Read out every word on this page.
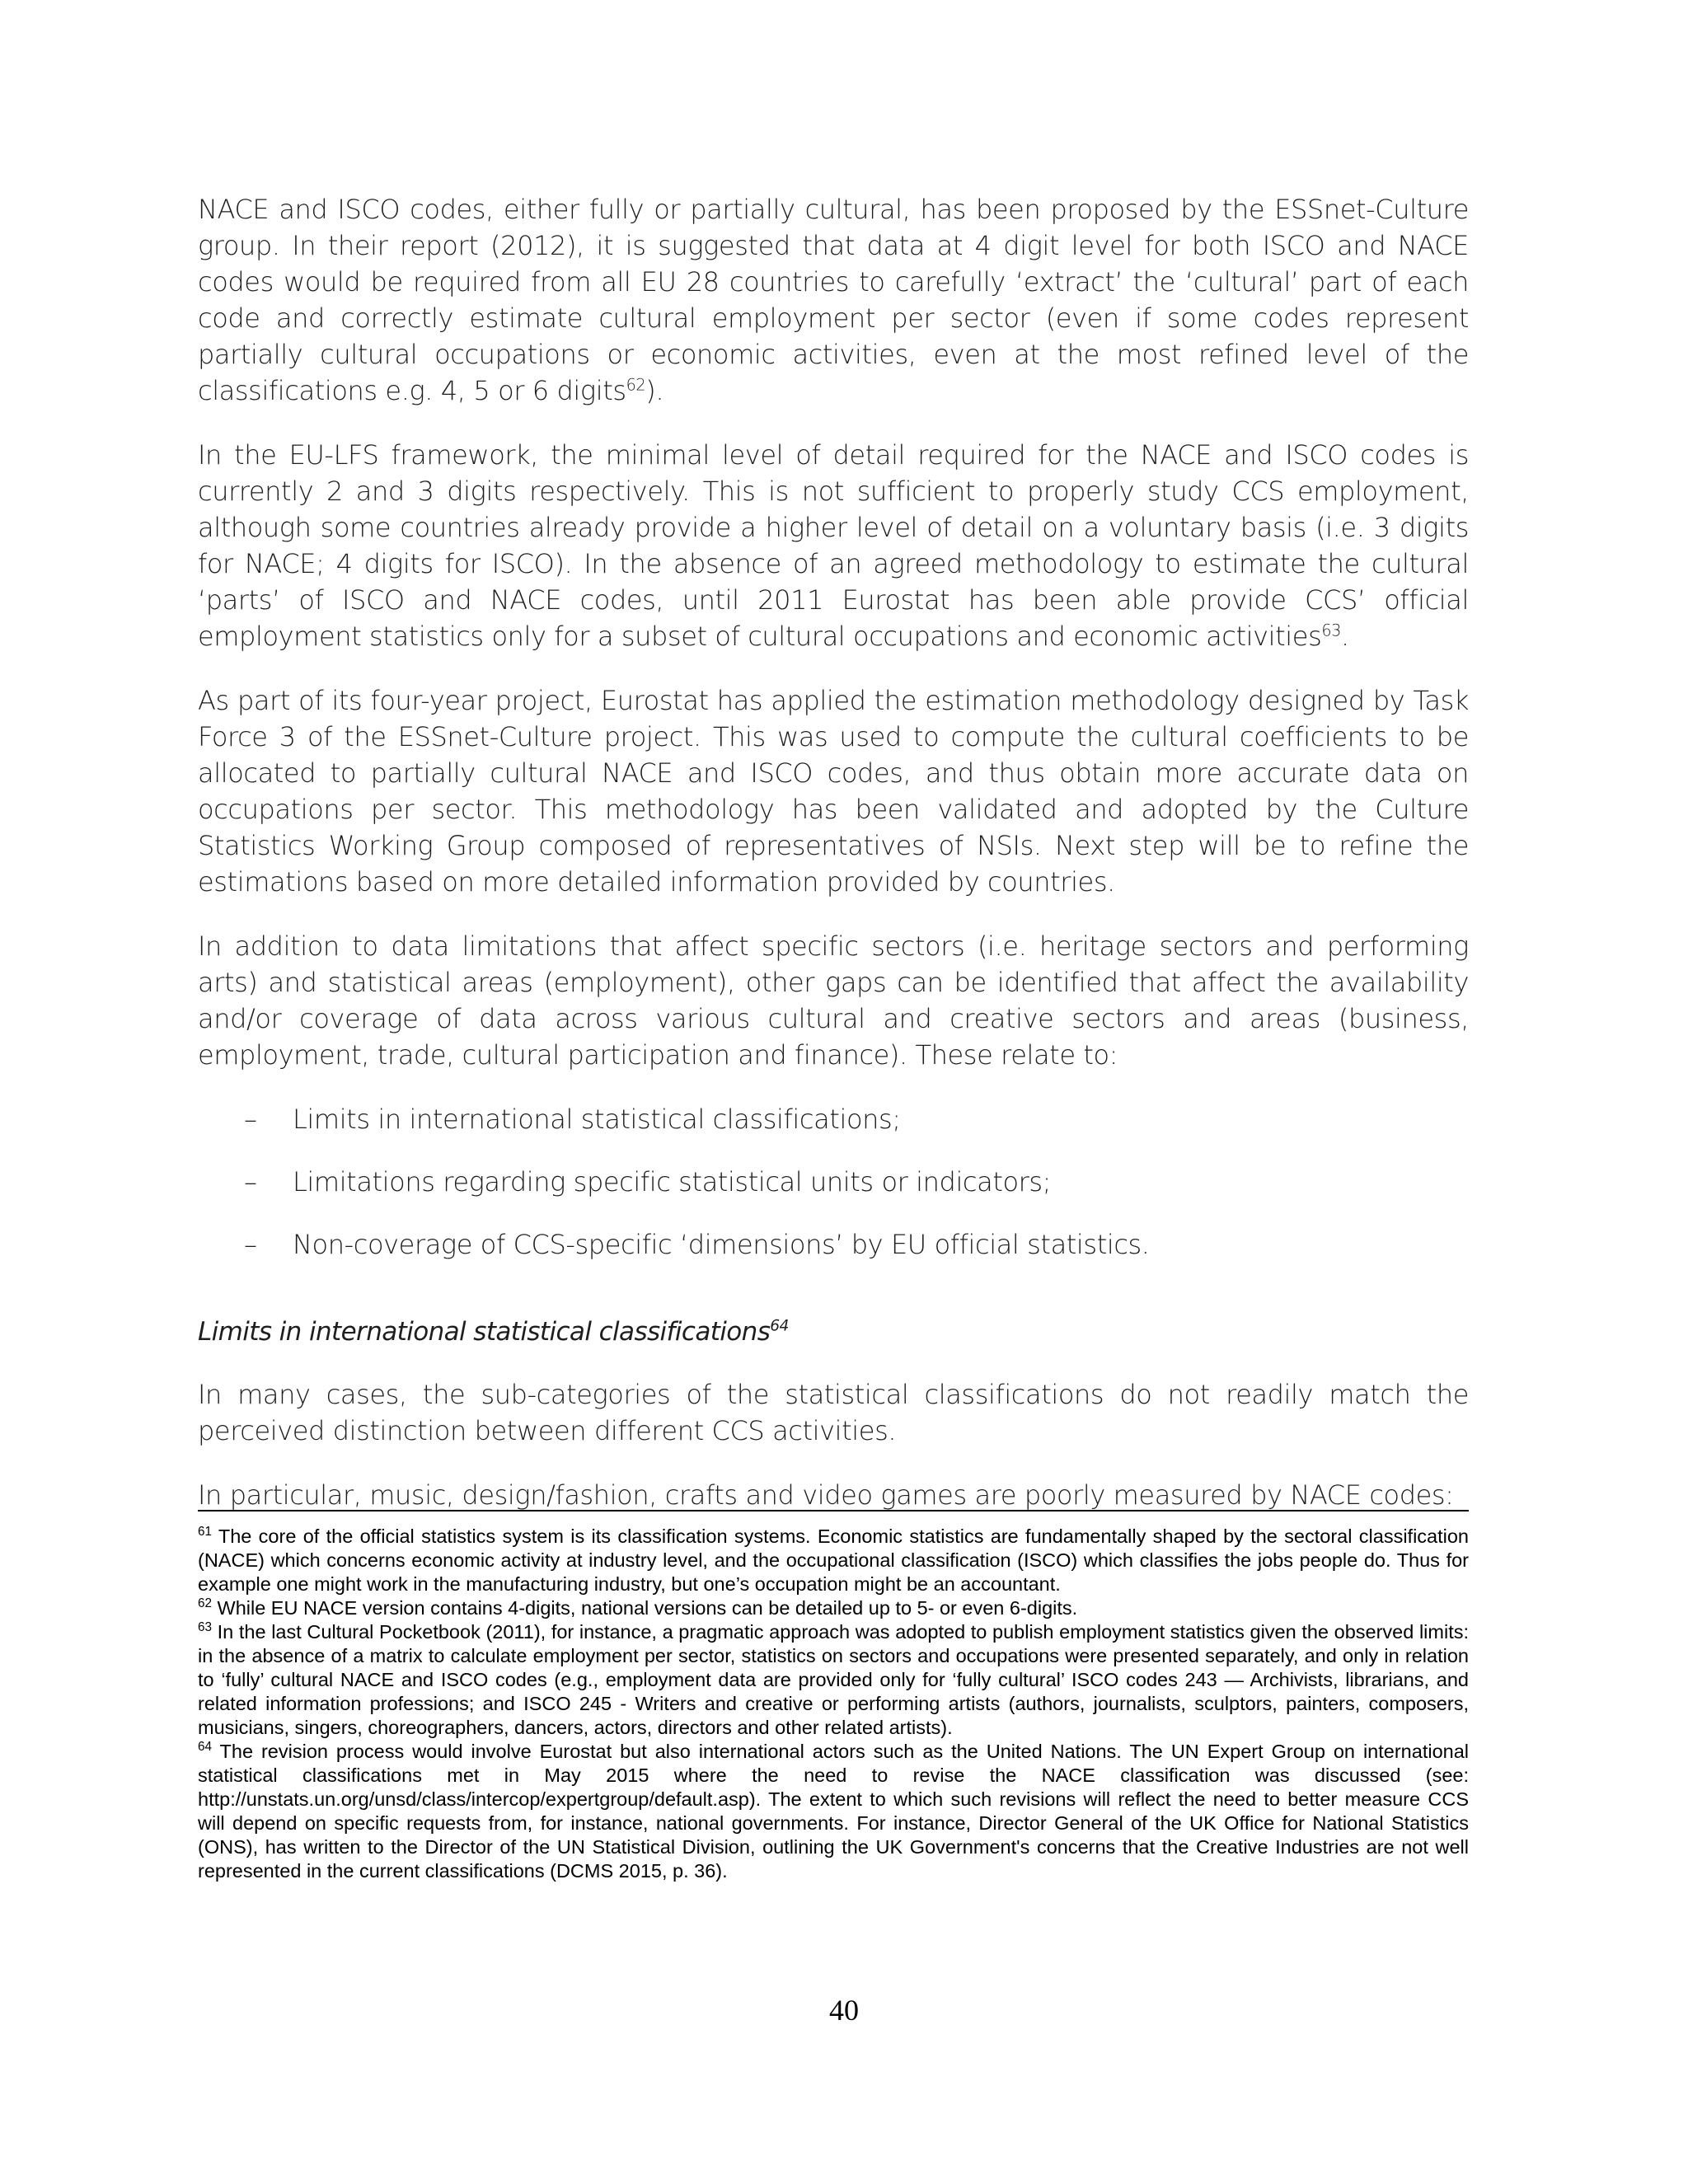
NACE and ISCO codes, either fully or partially cultural, has been proposed by the ESSnet-Culture group. In their report (2012), it is suggested that data at 4 digit level for both ISCO and NACE codes would be required from all EU 28 countries to carefully ‘extract’ the ‘cultural’ part of each code and correctly estimate cultural employment per sector (even if some codes represent partially cultural occupations or economic activities, even at the most refined level of the classifications e.g. 4, 5 or 6 digits$^{62}$).

In the EU-LFS framework, the minimal level of detail required for the NACE and ISCO codes is currently 2 and 3 digits respectively. This is not sufficient to properly study CCS employment, although some countries already provide a higher level of detail on a voluntary basis (i.e. 3 digits for NACE; 4 digits for ISCO). In the absence of an agreed methodology to estimate the cultural ‘parts’ of ISCO and NACE codes, until 2011 Eurostat has been able provide CCS’ official employment statistics only for a subset of cultural occupations and economic activities$^{63}$.

As part of its four-year project, Eurostat has applied the estimation methodology designed by Task Force 3 of the ESSnet-Culture project. This was used to compute the cultural coefficients to be allocated to partially cultural NACE and ISCO codes, and thus obtain more accurate data on occupations per sector. This methodology has been validated and adopted by the Culture Statistics Working Group composed of representatives of NSIs. Next step will be to refine the estimations based on more detailed information provided by countries.

In addition to data limitations that affect specific sectors (i.e. heritage sectors and performing arts) and statistical areas (employment), other gaps can be identified that affect the availability and/or coverage of data across various cultural and creative sectors and areas (business, employment, trade, cultural participation and finance). These relate to:

– Limits in international statistical classifications;
– Limitations regarding specific statistical units or indicators;
– Non-coverage of CCS-specific ‘dimensions’ by EU official statistics.
Limits in international statistical classifications$^{64}$

In many cases, the sub-categories of the statistical classifications do not readily match the perceived distinction between different CCS activities.

In particular, music, design/fashion, crafts and video games are poorly measured by NACE codes:

$^{61}$ The core of the official statistics system is its classification systems. Economic statistics are fundamentally shaped by the sectoral classification (NACE) which concerns economic activity at industry level, and the occupational classification (ISCO) which classifies the jobs people do. Thus for example one might work in the manufacturing industry, but one’s occupation might be an accountant.

$^{62}$ While EU NACE version contains 4-digits, national versions can be detailed up to 5- or even 6-digits.

$^{63}$ In the last Cultural Pocketbook (2011), for instance, a pragmatic approach was adopted to publish employment statistics given the observed limits: in the absence of a matrix to calculate employment per sector, statistics on sectors and occupations were presented separately, and only in relation to ‘fully’ cultural NACE and ISCO codes (e.g., employment data are provided only for ‘fully cultural’ ISCO codes 243 — Archivists, librarians, and related information professions; and ISCO 245 - Writers and creative or performing artists (authors, journalists, sculptors, painters, composers, musicians, singers, choreographers, dancers, actors, directors and other related artists).

$^{64}$ The revision process would involve Eurostat but also international actors such as the United Nations. The UN Expert Group on international statistical classifications met in May 2015 where the need to revise the NACE classification was discussed (see: http://unstats.un.org/unsd/class/intercop/expertgroup/default.asp). The extent to which such revisions will reflect the need to better measure CCS will depend on specific requests from, for instance, national governments. For instance, Director General of the UK Office for National Statistics (ONS), has written to the Director of the UN Statistical Division, outlining the UK Government's concerns that the Creative Industries are not well represented in the current classifications (DCMS 2015, p. 36).

40
